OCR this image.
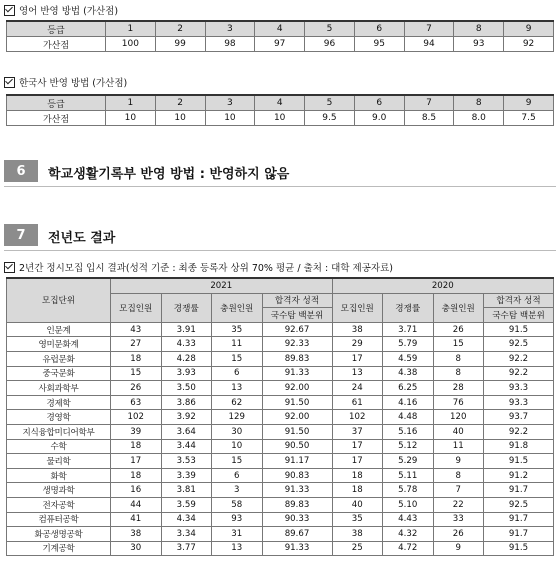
영어 반영 방법 (가산점)
등급	1	2	3	4	5	6	7	8	9
가산점	100	99	98	97	96	95	94	93	92
한국사 반영 방법 (가산점)
등급	1	2	3	4	5	6	7	8	9
가산점	10	10	10	10	9.5	9.0	8.5	8.0	7.5
6	학교생활기록부 반영 방법 : 반영하지 않음
7	전년도 결과
2년간 정시모집 입시 결과(성적 기준 : 최종 등록자 상위 70% 평균 / 출처 : 대학 제공자료)
모집단위	2021				2020			
	모집인원	경쟁률	충원인원	합격자 성적	모집인원	경쟁률	충원인원	합격자 성적
				국수탐 백분위				국수탐 백분위
인문계	43	3.91	35	92.67	38	3.71	26	91.5
영미문화계	27	4.33	11	92.33	29	5.79	15	92.5
유럽문화	18	4.28	15	89.83	17	4.59	8	92.2
중국문화	15	3.93	6	91.33	13	4.38	8	92.2
사회과학부	26	3.50	13	92.00	24	6.25	28	93.3
경제학	63	3.86	62	91.50	61	4.16	76	93.3
경영학	102	3.92	129	92.00	102	4.48	120	93.7
지식융합미디어학부	39	3.64	30	91.50	37	5.16	40	92.2
수학	18	3.44	10	90.50	17	5.12	11	91.8
물리학	17	3.53	15	91.17	17	5.29	9	91.5
화학	18	3.39	6	90.83	18	5.11	8	91.2
생명과학	16	3.81	3	91.33	18	5.78	7	91.7
전자공학	44	3.59	58	89.83	40	5.10	22	92.5
컴퓨터공학	41	4.34	93	90.33	35	4.43	33	91.7
화공생명공학	38	3.34	31	89.67	38	4.32	26	91.7
기계공학	30	3.77	13	91.33	25	4.72	9	91.5
